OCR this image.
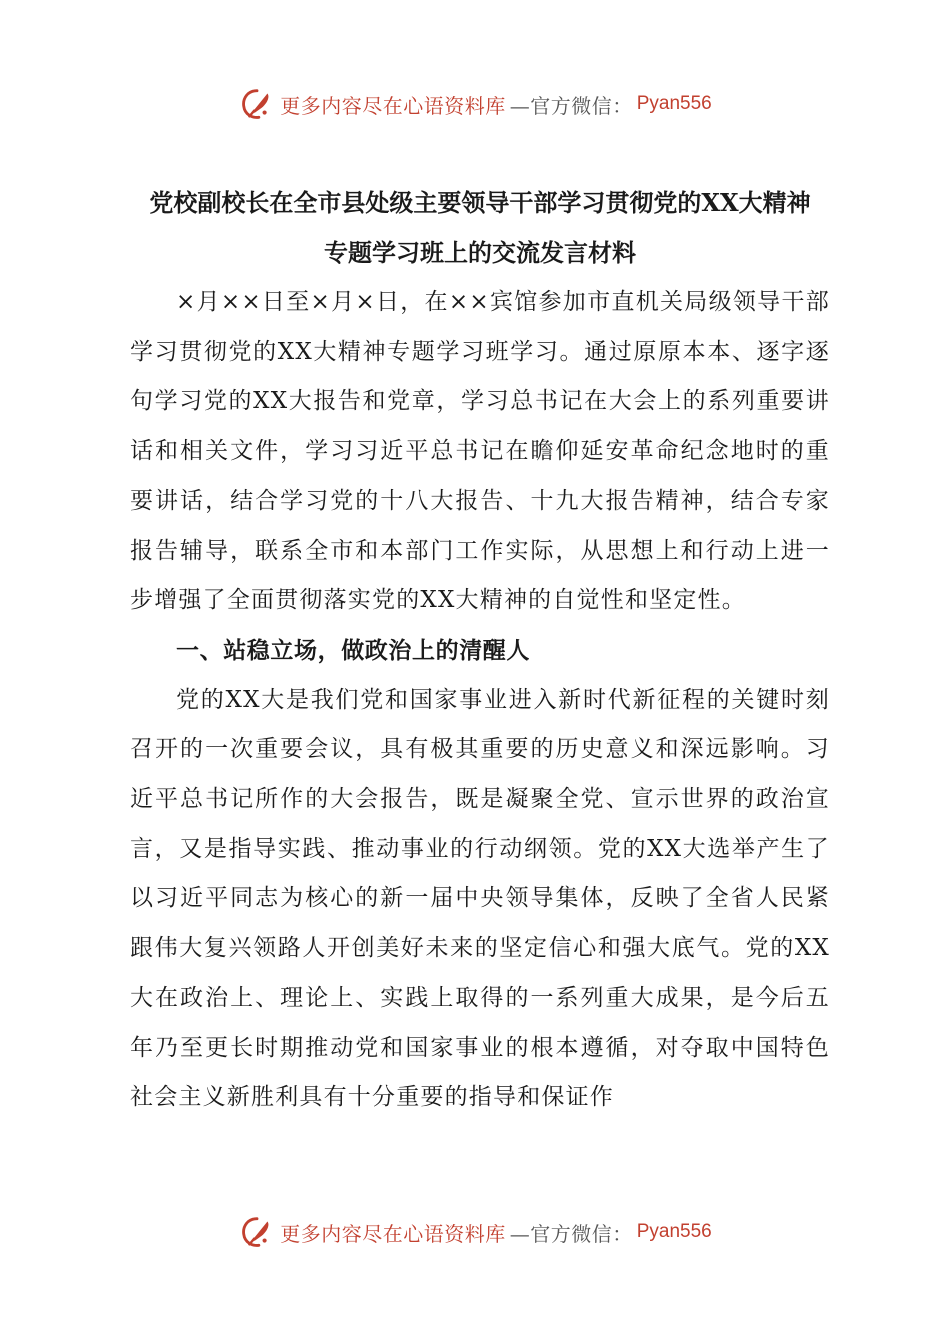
更多内容尽在心语资料库 —官方微信： Pyan556
党校副校长在全市县处级主要领导干部学习贯彻党的XX大精神
专题学习班上的交流发言材料

×月××日至×月×日，在××宾馆参加市直机关局级领导干部学习贯彻党的XX大精神专题学习班学习。通过原原本本、逐字逐句学习党的XX大报告和党章，学习总书记在大会上的系列重要讲话和相关文件，学习习近平总书记在瞻仰延安革命纪念地时的重要讲话，结合学习党的十八大报告、十九大报告精神，结合专家报告辅导，联系全市和本部门工作实际，从思想上和行动上进一步增强了全面贯彻落实党的XX大精神的自觉性和坚定性。

一、站稳立场，做政治上的清醒人

党的XX大是我们党和国家事业进入新时代新征程的关键时刻召开的一次重要会议，具有极其重要的历史意义和深远影响。习近平总书记所作的大会报告，既是凝聚全党、宣示世界的政治宣言，又是指导实践、推动事业的行动纲领。党的XX大选举产生了以习近平同志为核心的新一届中央领导集体，反映了全省人民紧跟伟大复兴领路人开创美好未来的坚定信心和强大底气。党的XX大在政治上、理论上、实践上取得的一系列重大成果，是今后五年乃至更长时期推动党和国家事业的根本遵循，对夺取中国特色社会主义新胜利具有十分重要的指导和保证作

更多内容尽在心语资料库 —官方微信： Pyan556
